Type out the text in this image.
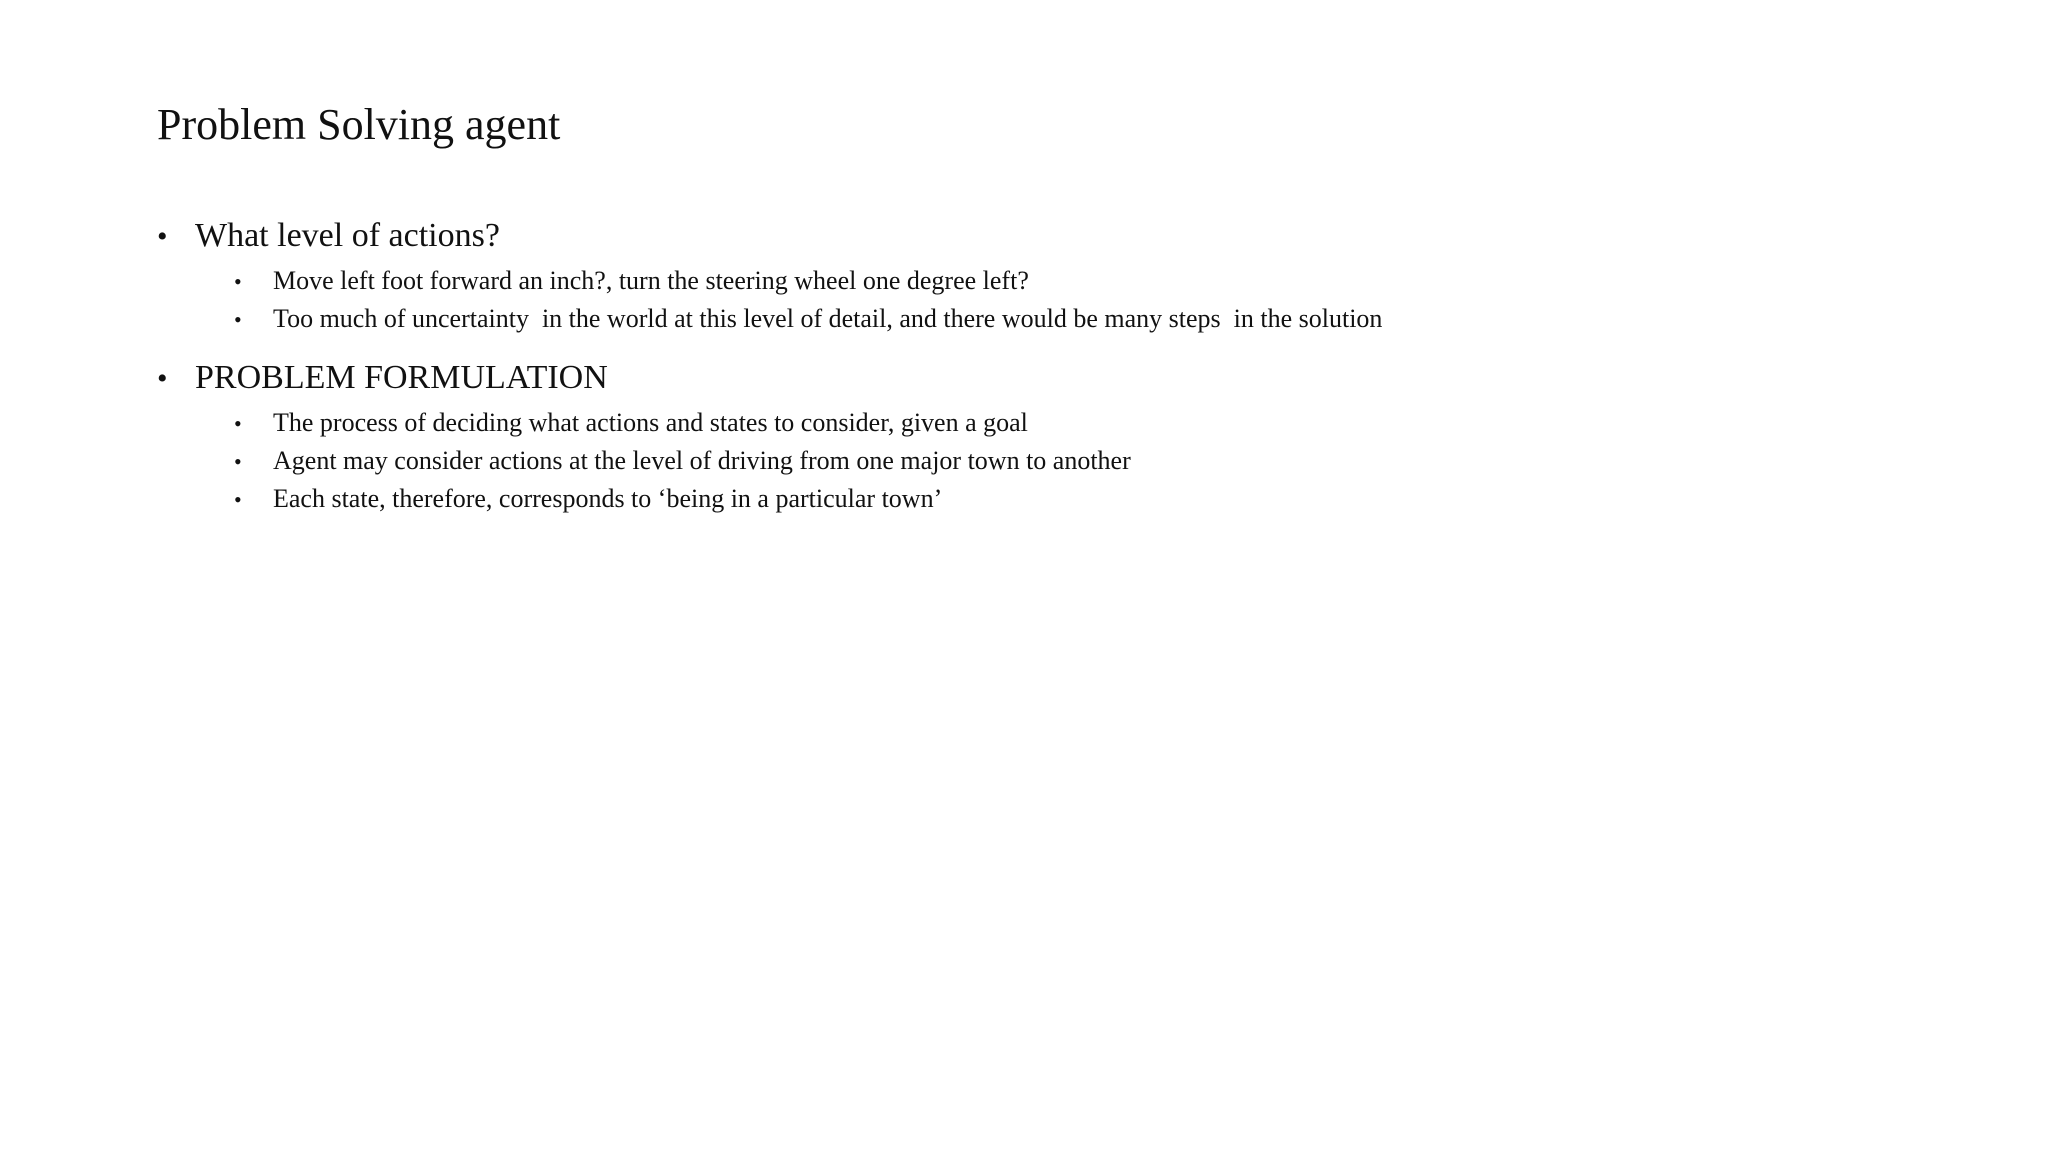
Problem Solving agent
• What level of actions?
•	Move left foot forward an inch?, turn the steering wheel one degree left?
•	Too much of uncertainty  in the world at this level of detail, and there would be many steps  in the solution
• PROBLEM FORMULATION
•	The process of deciding what actions and states to consider, given a goal
•	Agent may consider actions at the level of driving from one major town to another
•	Each state, therefore, corresponds to ‘being in a particular town’
